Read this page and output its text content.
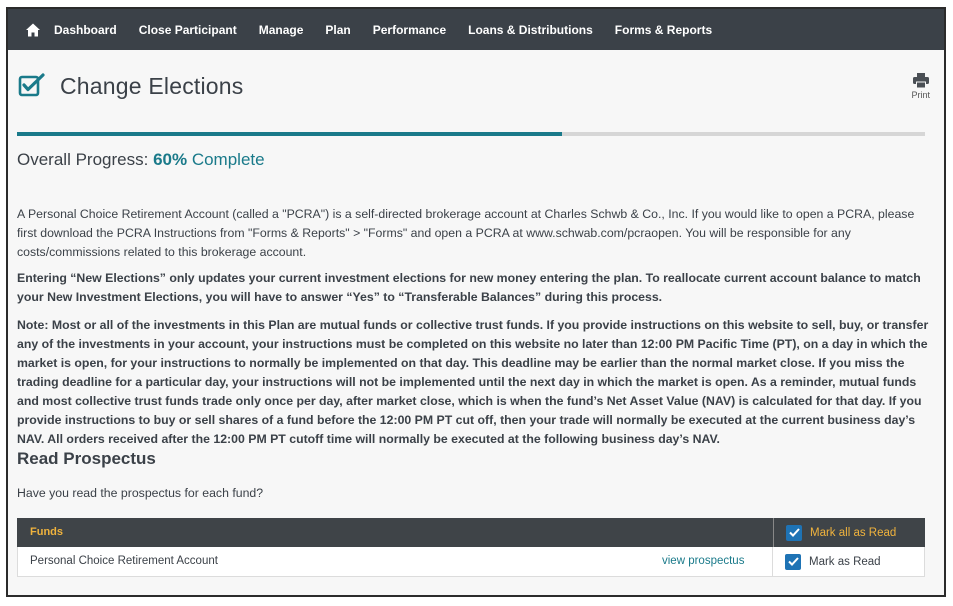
Dashboard Close Participant Manage Plan Performance Loans & Distributions Forms & Reports
Change Elections	Print
Overall Progress: 60% Complete

A Personal Choice Retirement Account (called a "PCRA") is a self-directed brokerage account at Charles Schwb & Co., Inc. If you would like to open a PCRA, please first download the PCRA Instructions from "Forms & Reports" > "Forms" and open a PCRA at www.schwab.com/pcraopen. You will be responsible for any costs/commissions related to this brokerage account.

Entering “New Elections” only updates your current investment elections for new money entering the plan. To reallocate current account balance to match your New Investment Elections, you will have to answer “Yes” to “Transferable Balances” during this process.

Note: Most or all of the investments in this Plan are mutual funds or collective trust funds. If you provide instructions on this website to sell, buy, or transfer any of the investments in your account, your instructions must be completed on this website no later than 12:00 PM Pacific Time (PT), on a day in which the market is open, for your instructions to normally be implemented on that day. This deadline may be earlier than the normal market close. If you miss the trading deadline for a particular day, your instructions will not be implemented until the next day in which the market is open. As a reminder, mutual funds and most collective trust funds trade only once per day, after market close, which is when the fund’s Net Asset Value (NAV) is calculated for that day. If you provide instructions to buy or sell shares of a fund before the 12:00 PM PT cut off, then your trade will normally be executed at the current business day’s NAV. All orders received after the 12:00 PM PT cutoff time will normally be executed at the following business day’s NAV.

Read Prospectus
Have you read the prospectus for each fund?
Funds	Mark all as Read
Personal Choice Retirement Account	view prospectus	Mark as Read
